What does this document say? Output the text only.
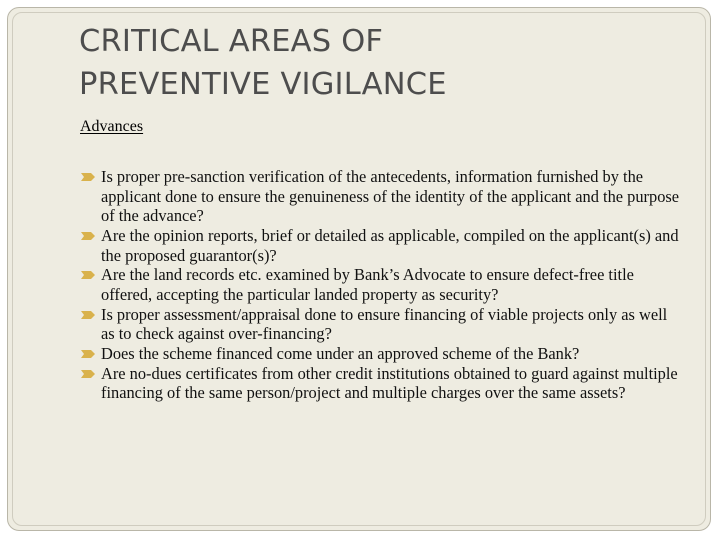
CRITICAL AREAS OF
PREVENTIVE VIGILANCE

Advances

Is proper pre-sanction verification of the antecedents, information furnished by the applicant done to ensure the genuineness of the identity of the applicant and the purpose of the advance?
Are the opinion reports, brief or detailed as applicable, compiled on the applicant(s) and the proposed guarantor(s)?
Are the land records etc. examined by Bank’s Advocate to ensure defect-free title offered, accepting the particular landed property as security?
Is proper assessment/appraisal done to ensure financing of viable projects only as well as to check against over-financing?
Does the scheme financed come under an approved scheme of the Bank?
Are no-dues certificates from other credit institutions obtained to guard against multiple financing of the same person/project and multiple charges over the same assets?
